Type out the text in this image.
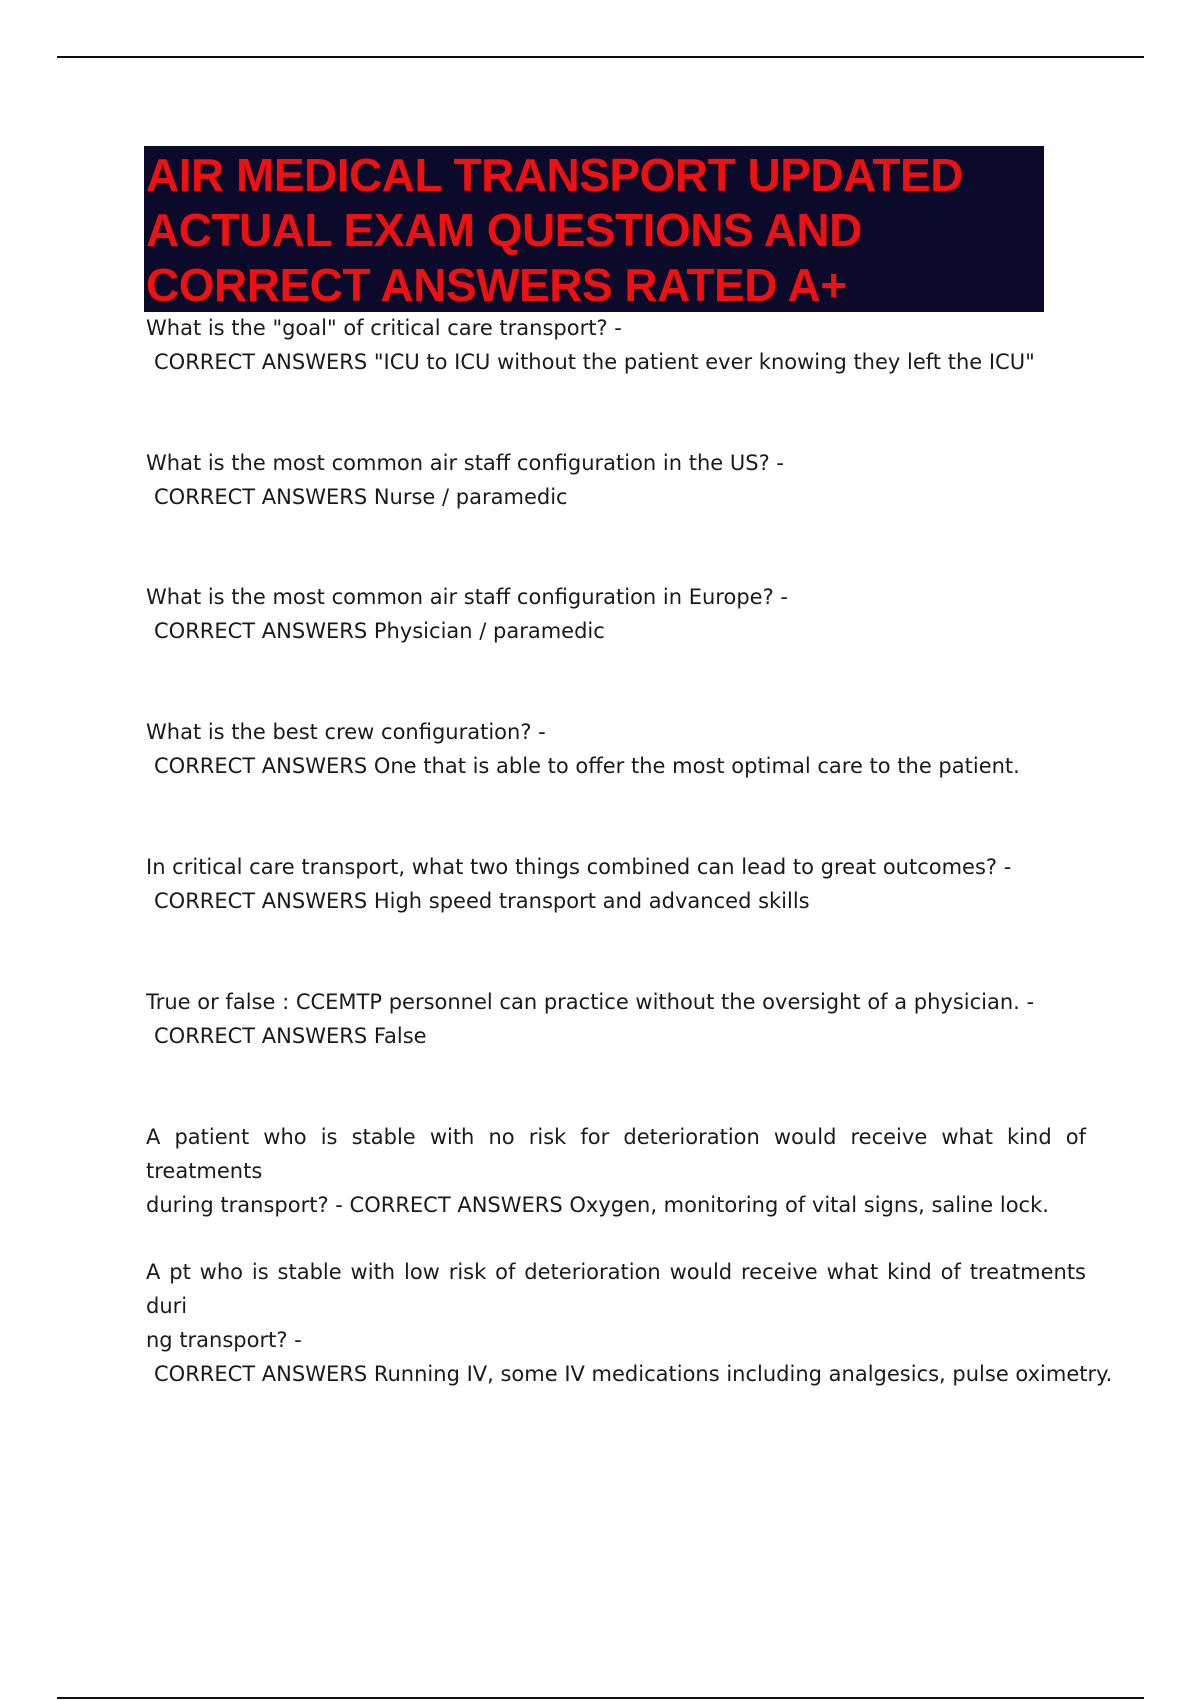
AIR MEDICAL TRANSPORT UPDATED
ACTUAL EXAM QUESTIONS AND
CORRECT ANSWERS RATED A+
What is the "goal" of critical care transport? -
CORRECT ANSWERS "ICU to ICU without the patient ever knowing they left the ICU"
What is the most common air staff configuration in the US? -
CORRECT ANSWERS Nurse / paramedic
What is the most common air staff configuration in Europe? -
CORRECT ANSWERS Physician / paramedic
What is the best crew configuration? -
CORRECT ANSWERS One that is able to offer the most optimal care to the patient.
In critical care transport, what two things combined can lead to great outcomes? -
CORRECT ANSWERS High speed transport and advanced skills
True or false : CCEMTP personnel can practice without the oversight of a physician. -
CORRECT ANSWERS False
A patient who is stable with no risk for deterioration would receive what kind of treatments
during transport? - CORRECT ANSWERS Oxygen, monitoring of vital signs, saline lock.
A pt who is stable with low risk of deterioration would receive what kind of treatments duri
ng transport? -
CORRECT ANSWERS Running IV, some IV medications including analgesics, pulse oximetry.
